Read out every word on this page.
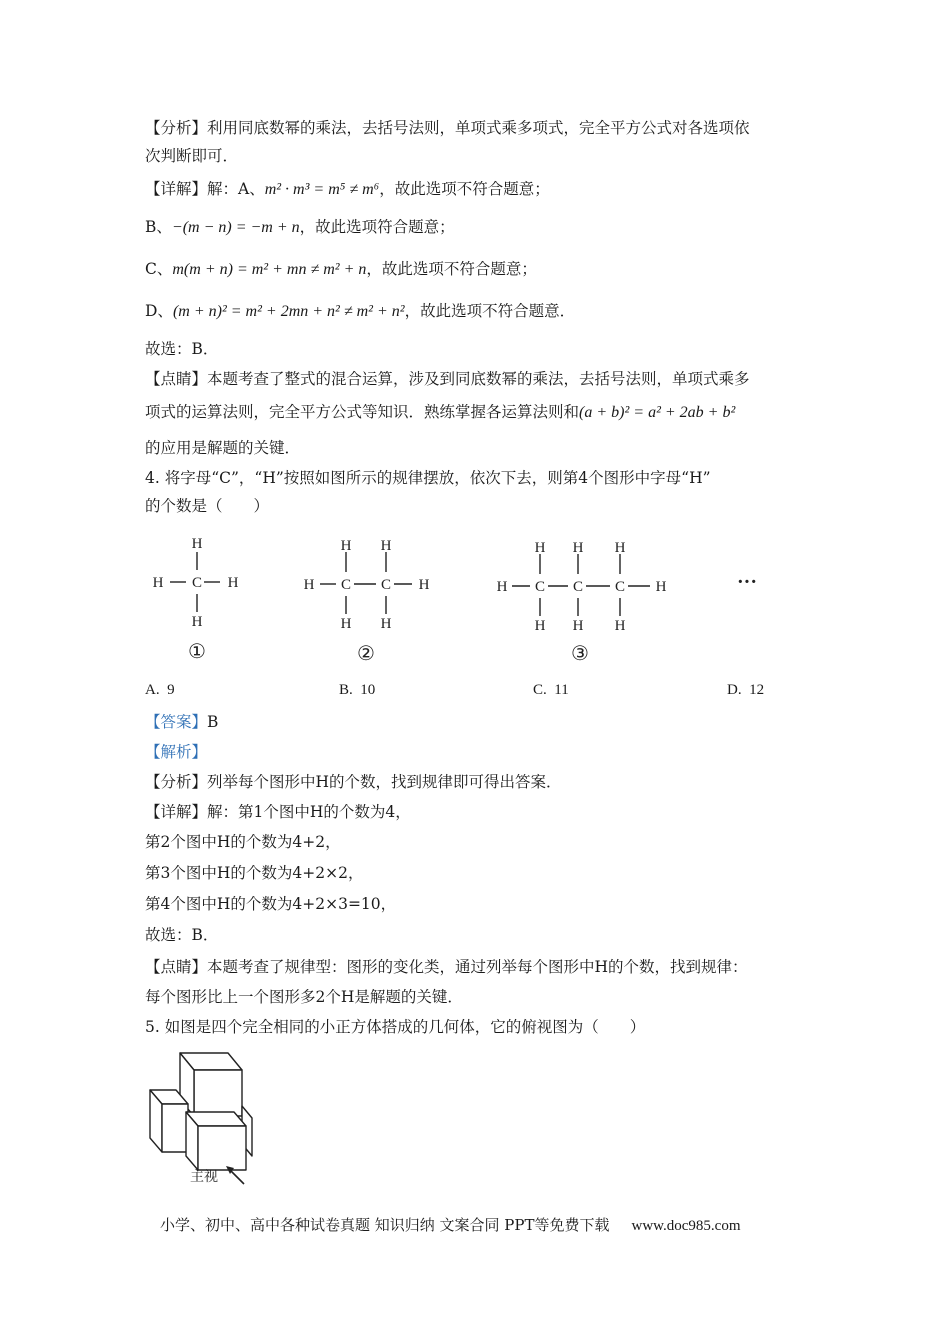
【分析】利用同底数幂的乘法，去括号法则，单项式乘多项式，完全平方公式对各选项依
次判断即可．
【详解】解：A、m² · m³ = m⁵ ≠ m⁶，故此选项不符合题意；
B、−(m − n) = −m + n，故此选项符合题意；
C、m(m + n) = m² + mn ≠ m² + n，故此选项不符合题意；
D、(m + n)² = m² + 2mn + n² ≠ m² + n²，故此选项不符合题意．
故选：B．
【点睛】本题考查了整式的混合运算，涉及到同底数幂的乘法，去括号法则，单项式乘多
项式的运算法则，完全平方公式等知识．熟练掌握各运算法则和(a + b)² = a² + 2ab + b²
的应用是解题的关键．
4. 将字母“C”，“H”按照如图所示的规律摆放，依次下去，则第4个图形中字母“H”
的个数是（　　）
H
H C H
H
①
H H
H C C H
H H
②
H H H
H C C C H
H H H
③
···
A. 9	B. 10	C. 11	D. 12
【答案】B
【解析】
【分析】列举每个图形中H的个数，找到规律即可得出答案．
【详解】解：第1个图中H的个数为4，
第2个图中H的个数为4+2，
第3个图中H的个数为4+2×2，
第4个图中H的个数为4+2×3=10，
故选：B．
【点睛】本题考查了规律型：图形的变化类，通过列举每个图形中H的个数，找到规律：
每个图形比上一个图形多2个H是解题的关键．
5. 如图是四个完全相同的小正方体搭成的几何体，它的俯视图为（　　）
主视
小学、初中、高中各种试卷真题 知识归纳 文案合同 PPT等免费下载 www.doc985.com
